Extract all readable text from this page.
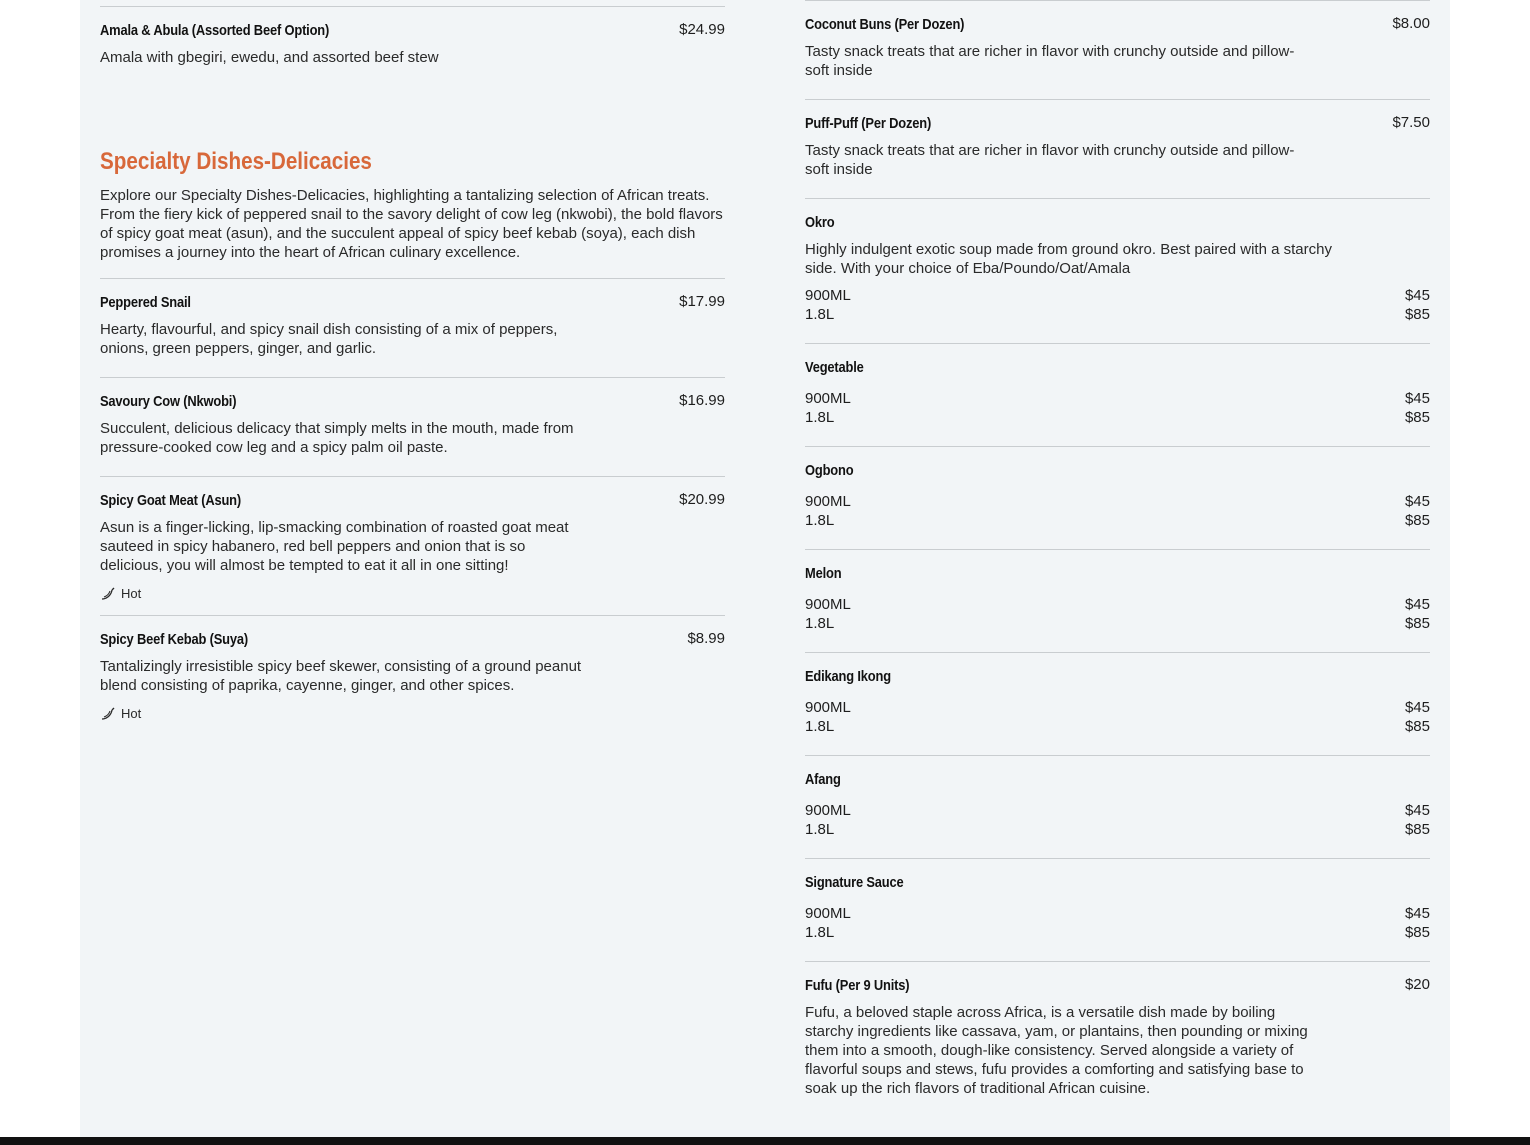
Amala & Abula (Assorted Beef Option)	$24.99
Amala with gbegiri, ewedu, and assorted beef stew
Specialty Dishes-Delicacies
Explore our Specialty Dishes-Delicacies, highlighting a tantalizing selection of African treats. From the fiery kick of peppered snail to the savory delight of cow leg (nkwobi), the bold flavors of spicy goat meat (asun), and the succulent appeal of spicy beef kebab (soya), each dish promises a journey into the heart of African culinary excellence.
Peppered Snail	$17.99
Hearty, flavourful, and spicy snail dish consisting of a mix of peppers, onions, green peppers, ginger, and garlic.
Savoury Cow (Nkwobi)	$16.99
Succulent, delicious delicacy that simply melts in the mouth, made from pressure-cooked cow leg and a spicy palm oil paste.
Spicy Goat Meat (Asun)	$20.99
Asun is a finger-licking, lip-smacking combination of roasted goat meat sauteed in spicy habanero, red bell peppers and onion that is so delicious, you will almost be tempted to eat it all in one sitting!
Hot
Spicy Beef Kebab (Suya)	$8.99
Tantalizingly irresistible spicy beef skewer, consisting of a ground peanut blend consisting of paprika, cayenne, ginger, and other spices.
Hot
Coconut Buns (Per Dozen)	$8.00
Tasty snack treats that are richer in flavor with crunchy outside and pillow-soft inside
Puff-Puff (Per Dozen)	$7.50
Tasty snack treats that are richer in flavor with crunchy outside and pillow-soft inside
Okro
Highly indulgent exotic soup made from ground okro. Best paired with a starchy side. With your choice of Eba/Poundo/Oat/Amala
900ML	$45
1.8L	$85
Vegetable
900ML	$45
1.8L	$85
Ogbono
900ML	$45
1.8L	$85
Melon
900ML	$45
1.8L	$85
Edikang Ikong
900ML	$45
1.8L	$85
Afang
900ML	$45
1.8L	$85
Signature Sauce
900ML	$45
1.8L	$85
Fufu (Per 9 Units)	$20
Fufu, a beloved staple across Africa, is a versatile dish made by boiling starchy ingredients like cassava, yam, or plantains, then pounding or mixing them into a smooth, dough-like consistency. Served alongside a variety of flavorful soups and stews, fufu provides a comforting and satisfying base to soak up the rich flavors of traditional African cuisine.
